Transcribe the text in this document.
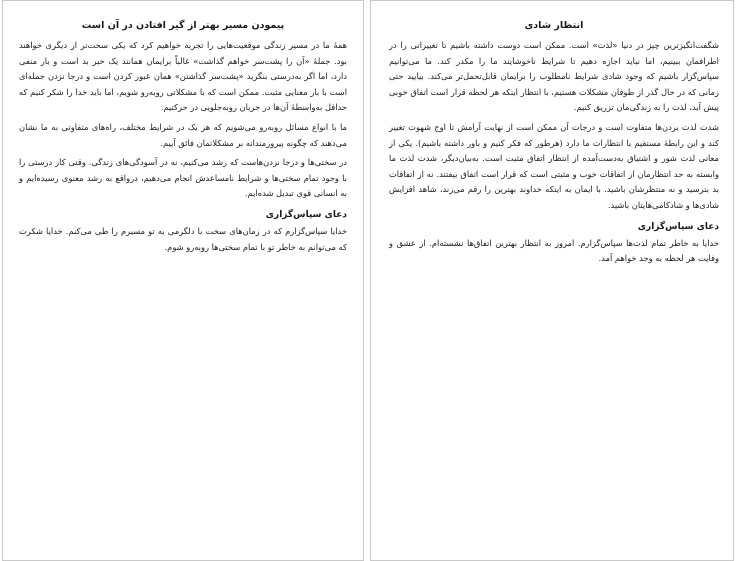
پیمودن مسیر بهتر از گیر افتادن در آن است

همهٔ ما در مسیر زندگی موقعیت‌هایی را تجربه خواهیم کرد که یکی سخت‌تر از دیگری خواهند بود. جملهٔ «آن را پشت‌سر خواهم گذاشت» غالباً برایمان همانند یک خبر بد است و بار منفی دارد، اما اگر به‌درستی بنگرید «پشت‌سر گذاشتن» همان عبور کردن است و درجا نزدن جمله‌ای است با بار معنایی مثبت. ممکن است که با مشکلاتی روبه‌رو شویم، اما باید خدا را شکر کنیم که حداقل به‌واسطهٔ آن‌ها در جریان روبه‌جلویی در حرکتیم.

ما با انواع مسائل روبه‌رو می‌شویم که هر یک در شرایط مختلف، راه‌های متفاوتی به ما نشان می‌دهند که چگونه پیروزمندانه بر مشکلاتمان فائق آییم.

در سختی‌ها و درجا نزدن‌هاست که رشد می‌کنیم، نه در آسودگی‌های زندگی. وقتی کار درستی را با وجود تمام سختی‌ها و شرایط نامساعدش انجام می‌دهیم، درواقع به رشد معنوی رسیده‌ایم و به انسانی قوی تبدیل شده‌ایم.

دعای سپاس‌گزاری

خدایا سپاس‌گزارم که در زمان‌های سخت با دلگرمی به تو مسیرم را طی می‌کنم. خدایا شکرت که می‌توانم به خاطر تو با تمام سختی‌ها روبه‌رو شوم.

انتظار شادی

شگفت‌انگیزترین چیز در دنیا «لذت» است. ممکن است دوست داشته باشیم تا تغییراتی را در اطرافمان ببینیم، اما نباید اجازه دهیم تا شرایط ناخوشایند ما را مکدر کند. ما می‌توانیم سپاس‌گزار باشیم که وجود شادی شرایط نامطلوب را برایمان قابل‌تحمل‌تر می‌کند. بیایید حتی زمانی که در حال گذر از طوفان مشکلات هستیم، با انتظار اینکه هر لحظه قرار است اتفاق خوبی پیش آید، لذت را به زندگی‌مان تزریق کنیم.

شدت لذت بردن‌ها متفاوت است و درجات آن ممکن است از نهایت آرامش تا اوج شهوت تغییر کند و این رابطهٔ مستقیم با انتظارات ما دارد (هرطور که فکر کنیم و باور داشته باشیم). یکی از معانی لذت شور و اشتیاق به‌دست‌آمده از انتظار اتفاق مثبت است. به‌بیان‌دیگر، شدت لذت ما وابسته به حد انتظارمان از اتفاقات خوب و مثبتی است که قرار است اتفاق بیفتند. نه از اتفاقات بد بترسید و نه منتظرشان باشید. با ایمان به اینکه خداوند بهترین را رقم می‌زند، شاهد افزایش شادی‌ها و شادکامی‌هایتان باشید.

دعای سپاس‌گزاری

خدایا به خاطر تمام لذت‌ها سپاس‌گزارم. امروز به انتظار بهترین اتفاق‌ها نشسته‌ام. از عشق و وفایت هر لحظه به وجد خواهم آمد.
